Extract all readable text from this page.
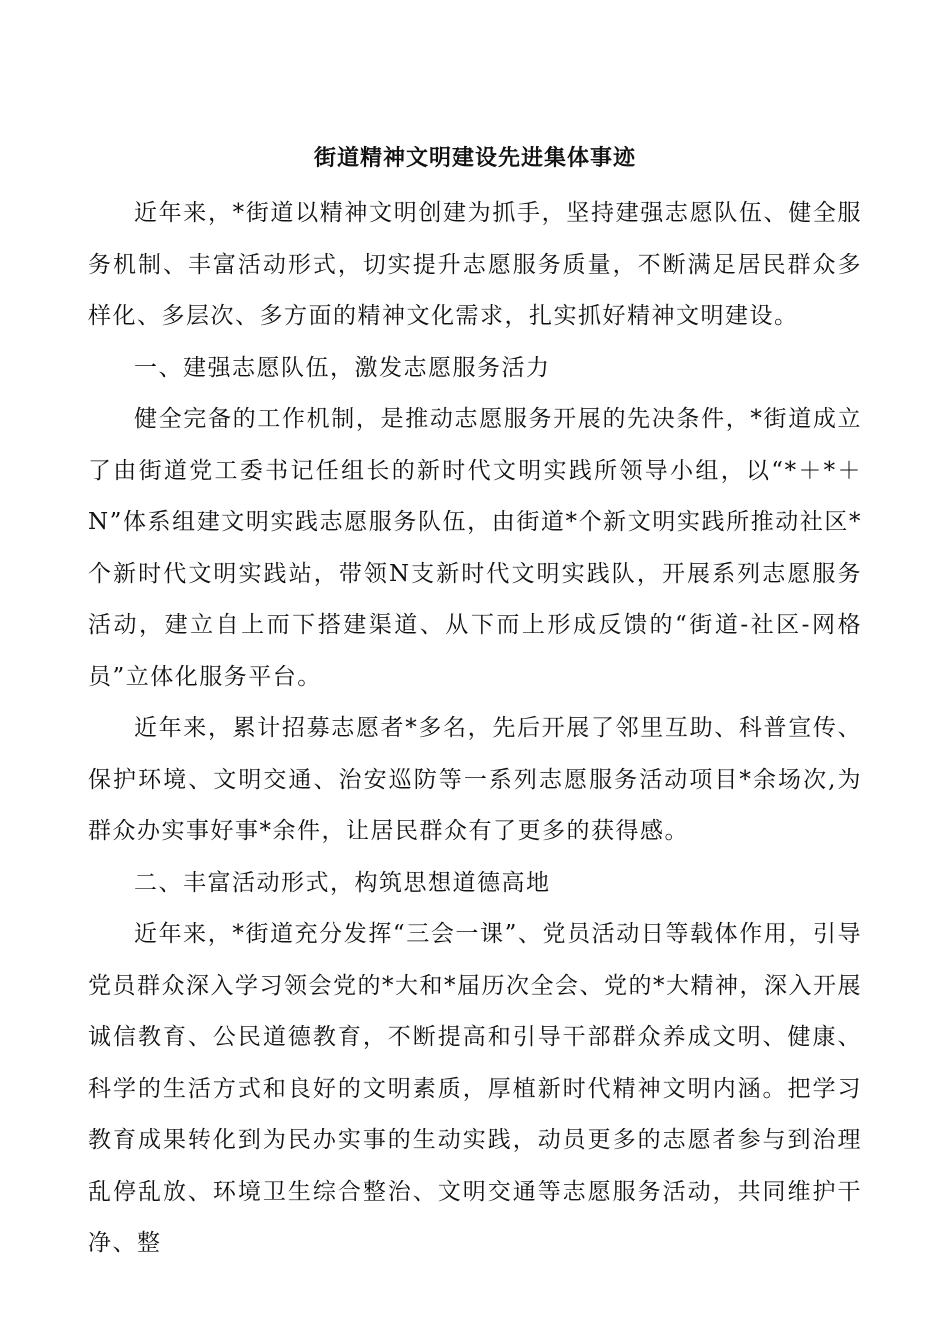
街道精神文明建设先进集体事迹

近年来，*街道以精神文明创建为抓手，坚持建强志愿队伍、健全服务机制、丰富活动形式，切实提升志愿服务质量，不断满足居民群众多样化、多层次、多方面的精神文化需求，扎实抓好精神文明建设。

一、建强志愿队伍，激发志愿服务活力

健全完备的工作机制，是推动志愿服务开展的先决条件，*街道成立了由街道党工委书记任组长的新时代文明实践所领导小组，以“*＋*＋N”体系组建文明实践志愿服务队伍，由街道*个新文明实践所推动社区*个新时代文明实践站，带领N支新时代文明实践队，开展系列志愿服务活动，建立自上而下搭建渠道、从下而上形成反馈的“街道-社区-网格员”立体化服务平台。

近年来，累计招募志愿者*多名，先后开展了邻里互助、科普宣传、保护环境、文明交通、治安巡防等一系列志愿服务活动项目*余场次,为群众办实事好事*余件，让居民群众有了更多的获得感。

二、丰富活动形式，构筑思想道德高地

近年来，*街道充分发挥“三会一课”、党员活动日等载体作用，引导党员群众深入学习领会党的*大和*届历次全会、党的*大精神，深入开展诚信教育、公民道德教育，不断提高和引导干部群众养成文明、健康、科学的生活方式和良好的文明素质，厚植新时代精神文明内涵。把学习教育成果转化到为民办实事的生动实践，动员更多的志愿者参与到治理乱停乱放、环境卫生综合整治、文明交通等志愿服务活动，共同维护干净、整
